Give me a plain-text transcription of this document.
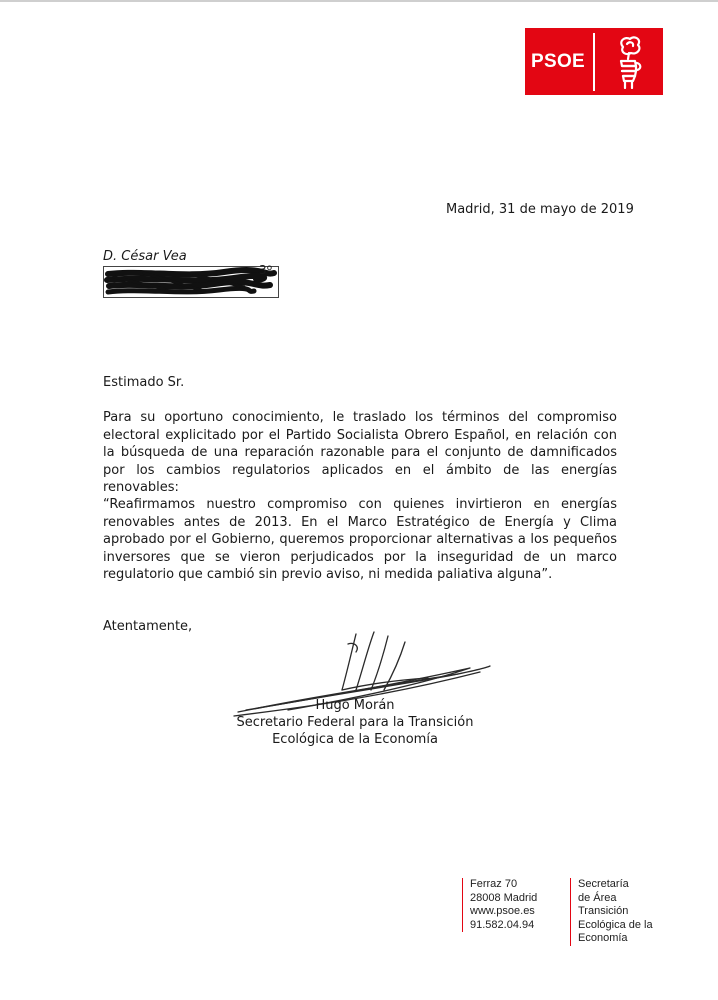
PSOE
Madrid, 31 de mayo de 2019
D. César Vea
3º
Estimado Sr.

Para su oportuno conocimiento, le traslado los términos del compromiso electoral explicitado por el Partido Socialista Obrero Español, en relación con la búsqueda de una reparación razonable para el conjunto de damnificados por los cambios regulatorios aplicados en el ámbito de las energías renovables:

“Reafirmamos nuestro compromiso con quienes invirtieron en energías renovables antes de 2013. En el Marco Estratégico de Energía y Clima aprobado por el Gobierno, queremos proporcionar alternativas a los pequeños inversores que se vieron perjudicados por la inseguridad de un marco regulatorio que cambió sin previo aviso, ni medida paliativa alguna”.

Atentamente,
Hugo Morán
Secretario Federal para la Transición
Ecológica de la Economía
Ferraz 70
28008 Madrid
www.psoe.es
91.582.04.94
Secretaría
de Área
Transición
Ecológica de la
Economía
